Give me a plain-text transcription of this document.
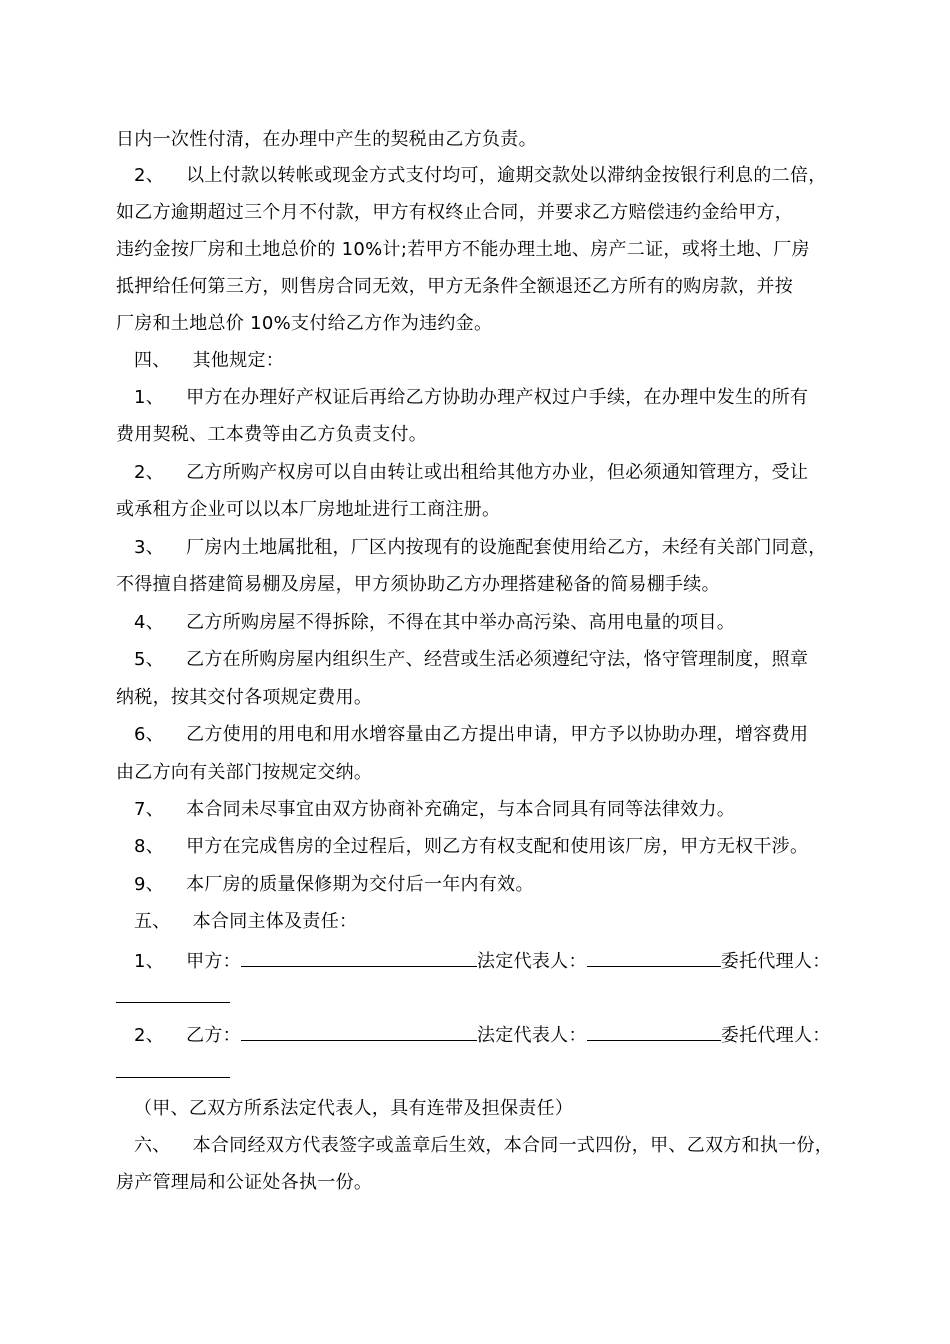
日内一次性付清，在办理中产生的契税由乙方负责。
2、 以上付款以转帐或现金方式支付均可，逾期交款处以滞纳金按银行利息的二倍，
如乙方逾期超过三个月不付款，甲方有权终止合同，并要求乙方赔偿违约金给甲方，
违约金按厂房和土地总价的 10%计;若甲方不能办理土地、房产二证，或将土地、厂房
抵押给任何第三方，则售房合同无效，甲方无条件全额退还乙方所有的购房款，并按
厂房和土地总价 10%支付给乙方作为违约金。
四、 其他规定：
1、 甲方在办理好产权证后再给乙方协助办理产权过户手续，在办理中发生的所有
费用契税、工本费等由乙方负责支付。
2、 乙方所购产权房可以自由转让或出租给其他方办业，但必须通知管理方，受让
或承租方企业可以以本厂房地址进行工商注册。
3、 厂房内土地属批租，厂区内按现有的设施配套使用给乙方，未经有关部门同意，
不得擅自搭建简易棚及房屋，甲方须协助乙方办理搭建秘备的简易棚手续。
4、 乙方所购房屋不得拆除，不得在其中举办高污染、高用电量的项目。
5、 乙方在所购房屋内组织生产、经营或生活必须遵纪守法，恪守管理制度，照章
纳税，按其交付各项规定费用。
6、 乙方使用的用电和用水增容量由乙方提出申请，甲方予以协助办理，增容费用
由乙方向有关部门按规定交纳。
7、 本合同未尽事宜由双方协商补充确定，与本合同具有同等法律效力。
8、 甲方在完成售房的全过程后，则乙方有权支配和使用该厂房，甲方无权干涉。
9、 本厂房的质量保修期为交付后一年内有效。
五、 本合同主体及责任：
1、 甲方：	法定代表人：	委托代理人：
2、 乙方：	法定代表人：	委托代理人：
（甲、乙双方所系法定代表人，具有连带及担保责任）
六、 本合同经双方代表签字或盖章后生效，本合同一式四份，甲、乙双方和执一份，
房产管理局和公证处各执一份。
